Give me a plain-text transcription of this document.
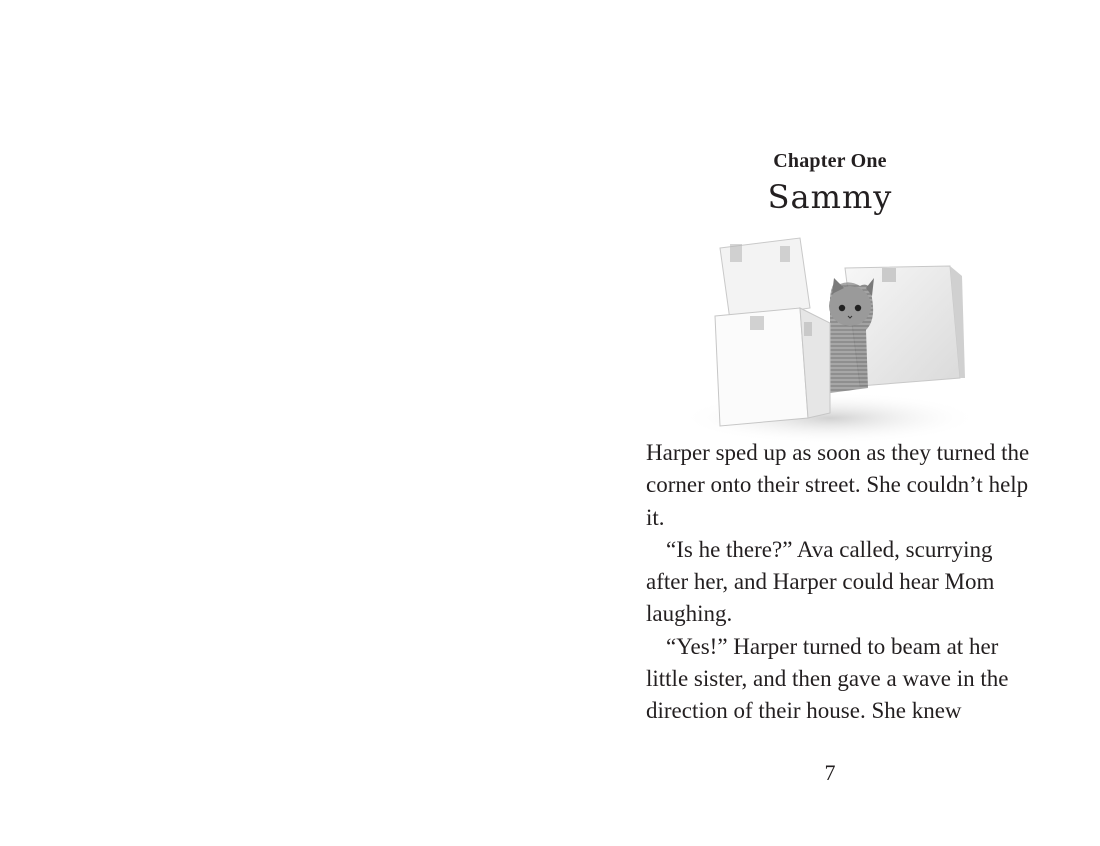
Chapter One
Sammy

Harper sped up as soon as they turned the corner onto their street. She couldn’t help it.

“Is he there?” Ava called, scurrying after her, and Harper could hear Mom laughing.

“Yes!” Harper turned to beam at her little sister, and then gave a wave in the direction of their house. She knew

7
